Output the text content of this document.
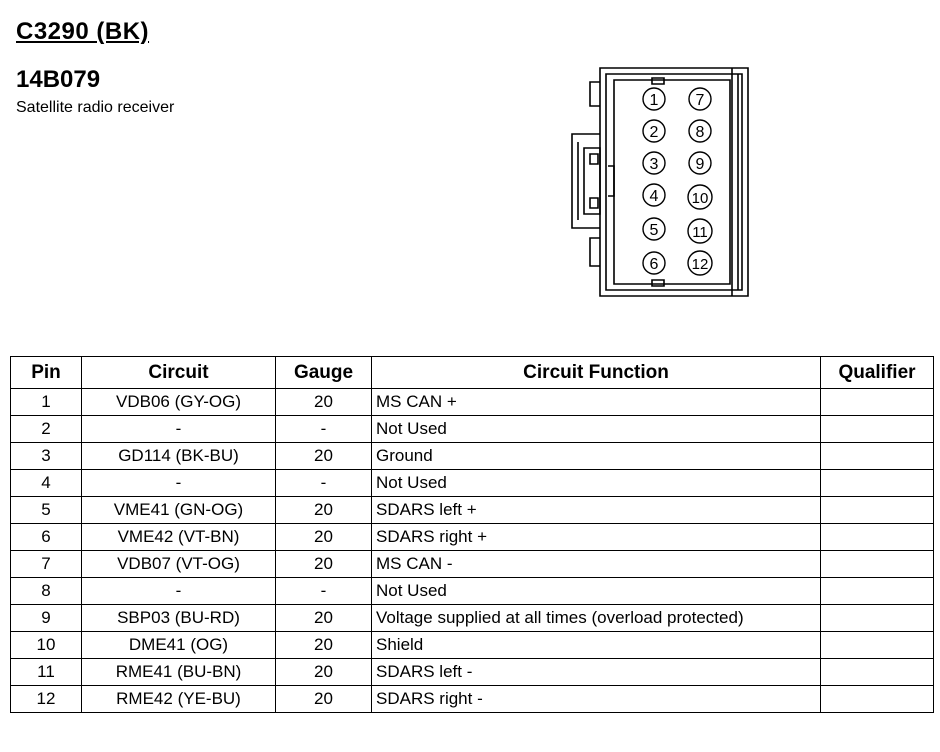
C3290 (BK)
14B079
Satellite radio receiver	1
2
3
4
5
6
7
8
9
10
11
12
Pin	Circuit	Gauge	Circuit Function	Qualifier
1	VDB06 (GY-OG)	20	MS CAN +	
2	-	-	Not Used	
3	GD114 (BK-BU)	20	Ground	
4	-	-	Not Used	
5	VME41 (GN-OG)	20	SDARS left +	
6	VME42 (VT-BN)	20	SDARS right +	
7	VDB07 (VT-OG)	20	MS CAN -	
8	-	-	Not Used	
9	SBP03 (BU-RD)	20	Voltage supplied at all times (overload protected)	
10	DME41 (OG)	20	Shield	
11	RME41 (BU-BN)	20	SDARS left -	
12	RME42 (YE-BU)	20	SDARS right -	
